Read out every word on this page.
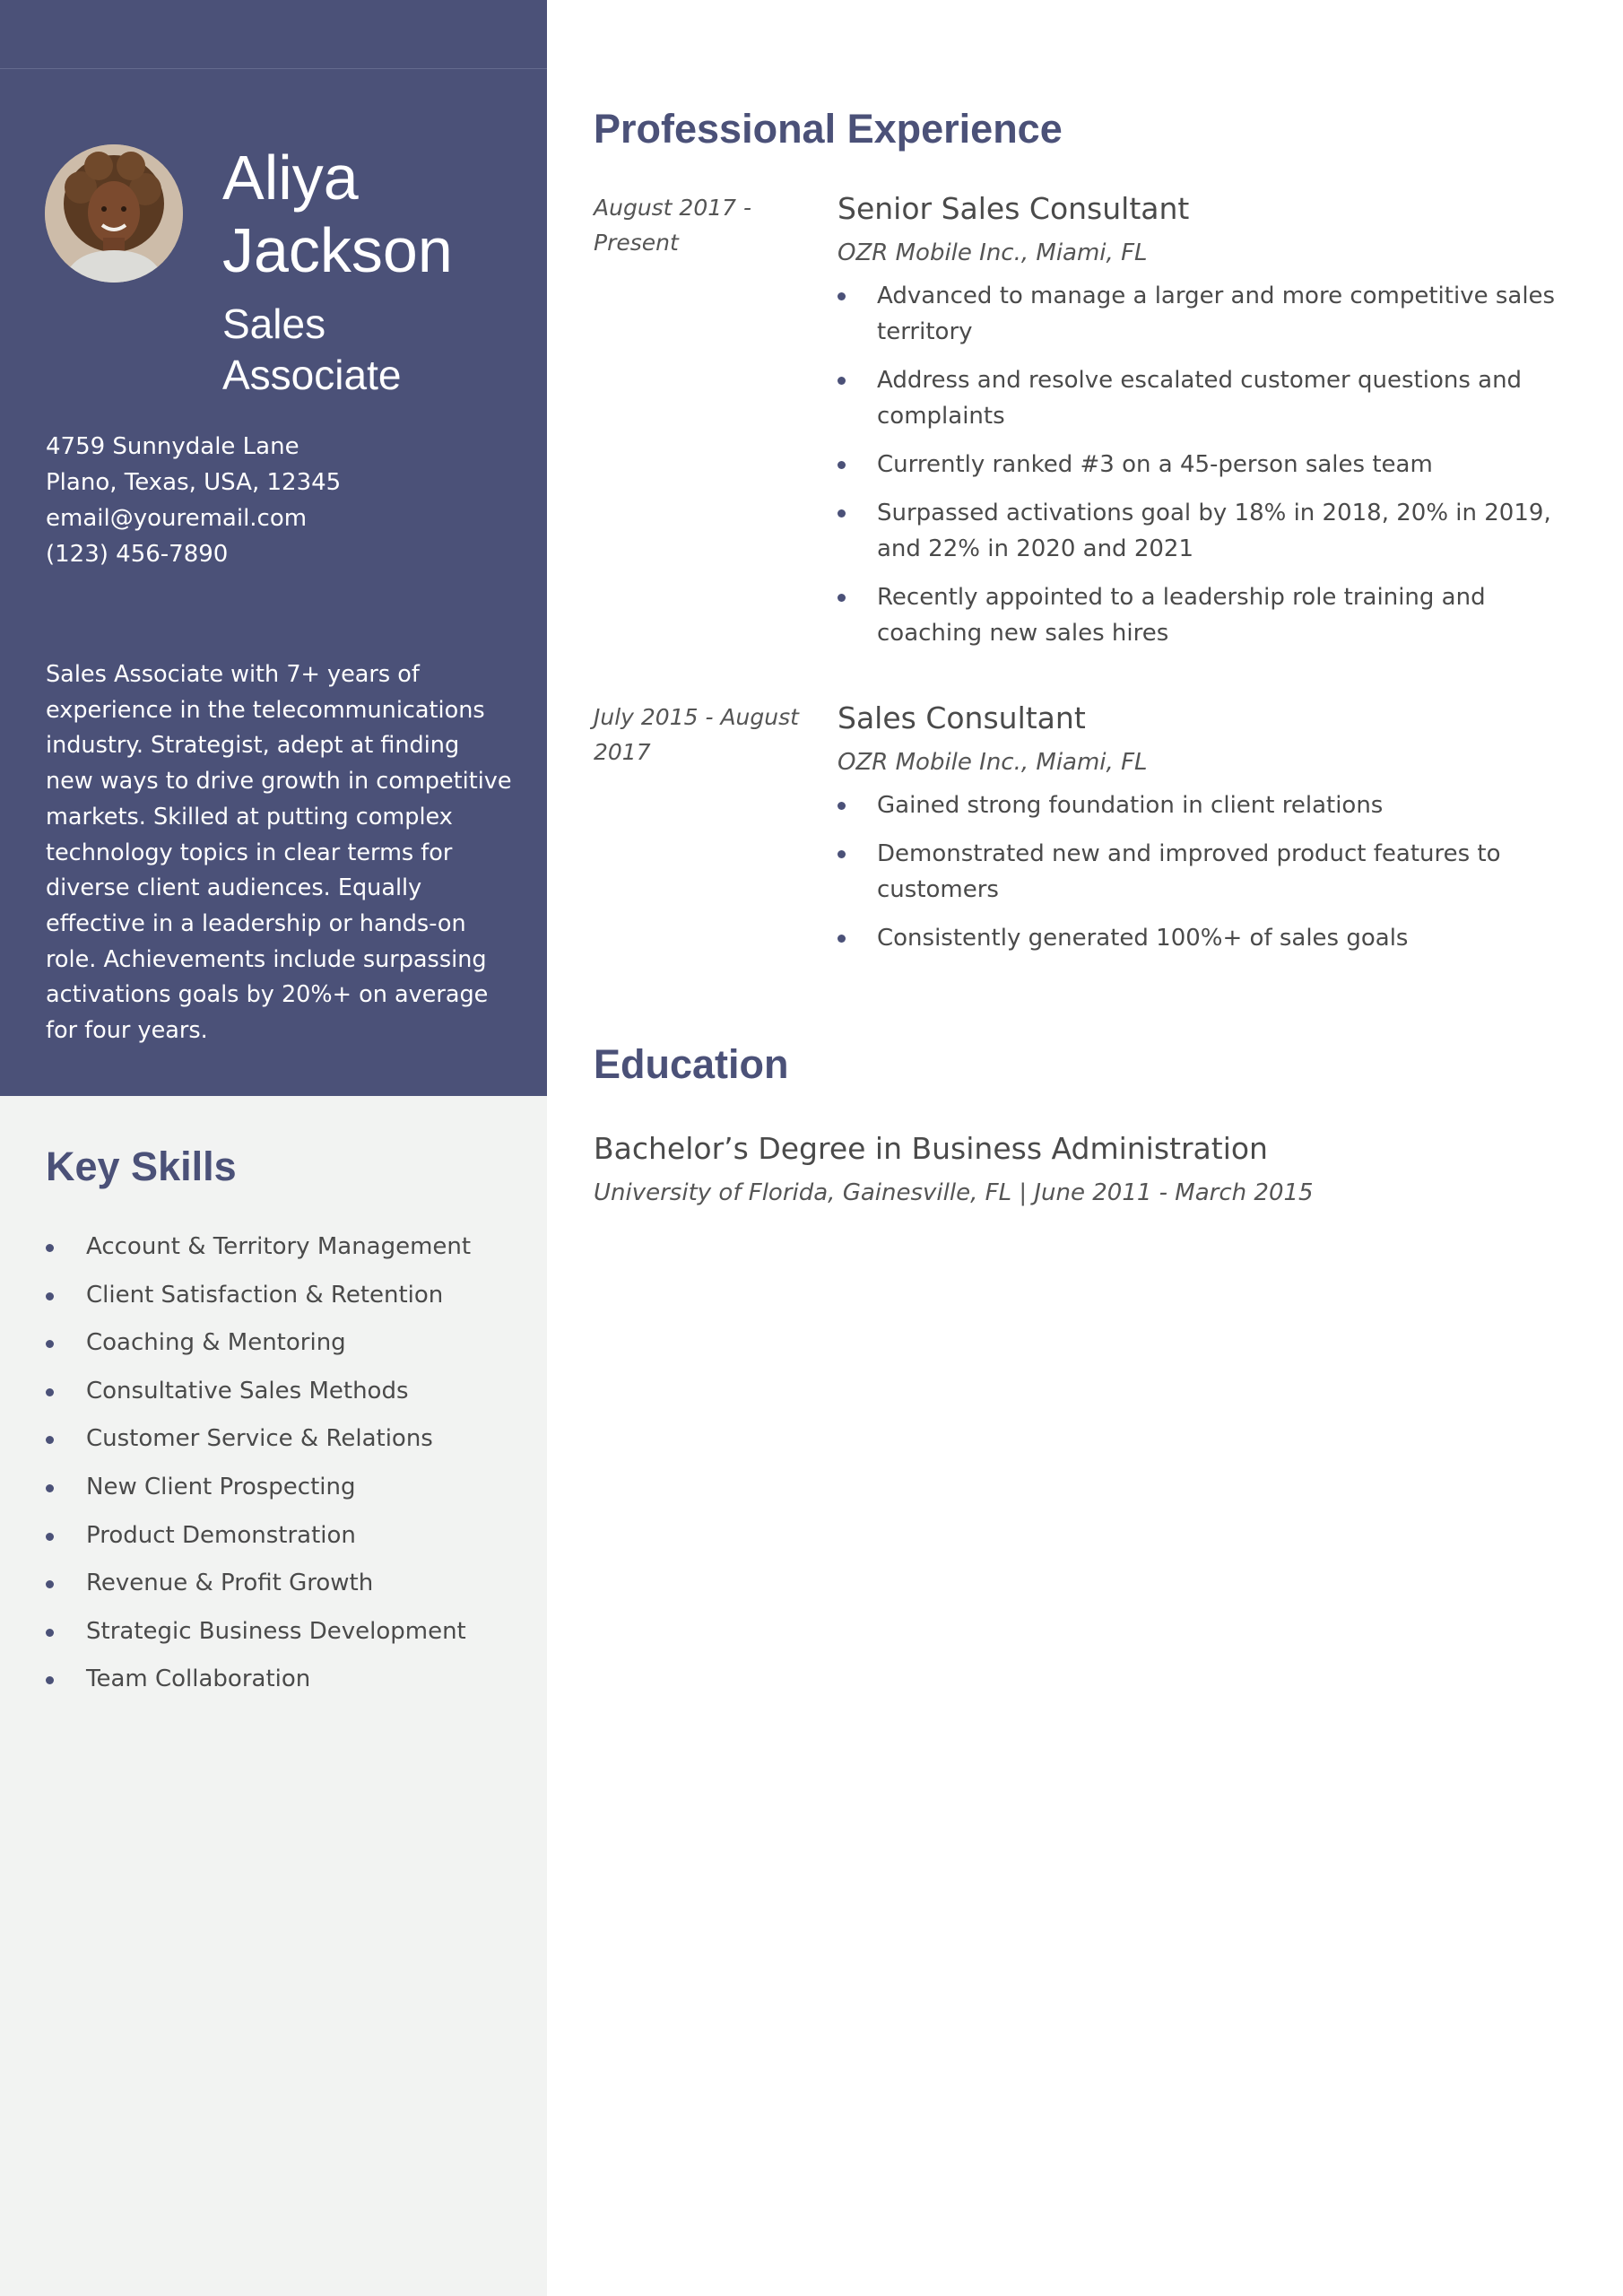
Aliya
Jackson
Sales
Associate
4759 Sunnydale Lane
Plano, Texas, USA, 12345
email@youremail.com
(123) 456-7890

Sales Associate with 7+ years of experience in the telecommunications industry. Strategist, adept at finding new ways to drive growth in competitive markets. Skilled at putting complex technology topics in clear terms for diverse client audiences. Equally effective in a leadership or hands-on role. Achievements include surpassing activations goals by 20%+ on average for four years.

Key Skills
Account & Territory Management
Client Satisfaction & Retention
Coaching & Mentoring
Consultative Sales Methods
Customer Service & Relations
New Client Prospecting
Product Demonstration
Revenue & Profit Growth
Strategic Business Development
Team Collaboration
Professional Experience
August 2017 -
Present
Senior Sales Consultant
OZR Mobile Inc., Miami, FL
Advanced to manage a larger and more competitive sales territory
Address and resolve escalated customer questions and complaints
Currently ranked #3 on a 45-person sales team
Surpassed activations goal by 18% in 2018, 20% in 2019, and 22% in 2020 and 2021
Recently appointed to a leadership role training and coaching new sales hires
July 2015 - August
2017
Sales Consultant
OZR Mobile Inc., Miami, FL
Gained strong foundation in client relations
Demonstrated new and improved product features to customers
Consistently generated 100%+ of sales goals
Education
Bachelor’s Degree in Business Administration
University of Florida, Gainesville, FL | June 2011 - March 2015
